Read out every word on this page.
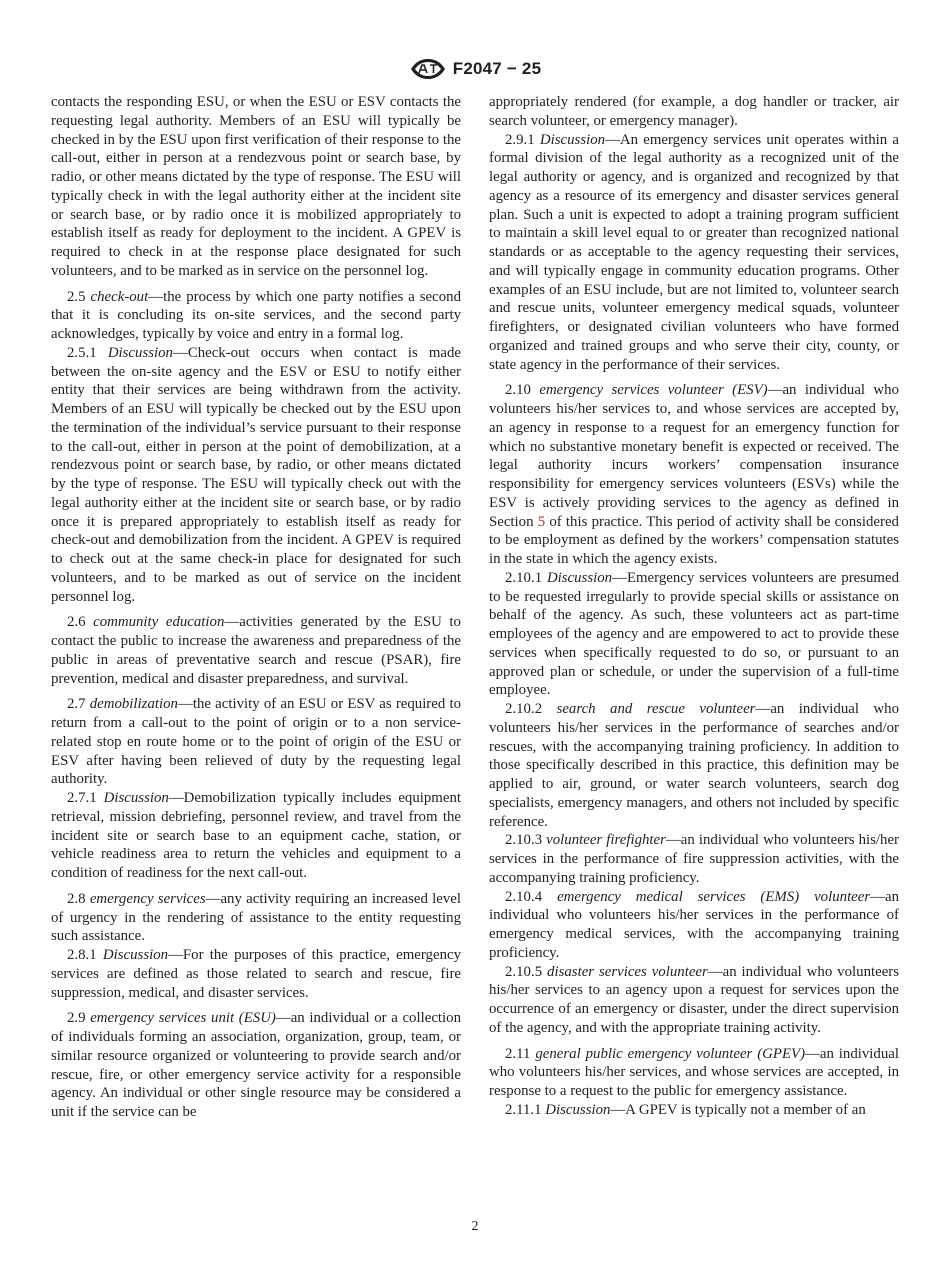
F2047 − 25

contacts the responding ESU, or when the ESU or ESV contacts the requesting legal authority. Members of an ESU will typically be checked in by the ESU upon first verification of their response to the call-out, either in person at a rendezvous point or search base, by radio, or other means dictated by the type of response. The ESU will typically check in with the legal authority either at the incident site or search base, or by radio once it is mobilized appropriately to establish itself as ready for deployment to the incident. A GPEV is required to check in at the response place designated for such volunteers, and to be marked as in service on the personnel log.

2.5 check-out—the process by which one party notifies a second that it is concluding its on-site services, and the second party acknowledges, typically by voice and entry in a formal log.

2.5.1 Discussion—Check-out occurs when contact is made between the on-site agency and the ESV or ESU to notify either entity that their services are being withdrawn from the activity. Members of an ESU will typically be checked out by the ESU upon the termination of the individual’s service pursuant to their response to the call-out, either in person at the point of demobilization, at a rendezvous point or search base, by radio, or other means dictated by the type of response. The ESU will typically check out with the legal authority either at the incident site or search base, or by radio once it is prepared appropriately to establish itself as ready for check-out and demobilization from the incident. A GPEV is required to check out at the same check-in place for designated for such volunteers, and to be marked as out of service on the incident personnel log.

2.6 community education—activities generated by the ESU to contact the public to increase the awareness and preparedness of the public in areas of preventative search and rescue (PSAR), fire prevention, medical and disaster preparedness, and survival.

2.7 demobilization—the activity of an ESU or ESV as required to return from a call-out to the point of origin or to a non service-related stop en route home or to the point of origin of the ESU or ESV after having been relieved of duty by the requesting legal authority.

2.7.1 Discussion—Demobilization typically includes equipment retrieval, mission debriefing, personnel review, and travel from the incident site or search base to an equipment cache, station, or vehicle readiness area to return the vehicles and equipment to a condition of readiness for the next call-out.

2.8 emergency services—any activity requiring an increased level of urgency in the rendering of assistance to the entity requesting such assistance.

2.8.1 Discussion—For the purposes of this practice, emergency services are defined as those related to search and rescue, fire suppression, medical, and disaster services.

2.9 emergency services unit (ESU)—an individual or a collection of individuals forming an association, organization, group, team, or similar resource organized or volunteering to provide search and/or rescue, fire, or other emergency service activity for a responsible agency. An individual or other single resource may be considered a unit if the service can be

appropriately rendered (for example, a dog handler or tracker, air search volunteer, or emergency manager).

2.9.1 Discussion—An emergency services unit operates within a formal division of the legal authority as a recognized unit of the legal authority or agency, and is organized and recognized by that agency as a resource of its emergency and disaster services general plan. Such a unit is expected to adopt a training program sufficient to maintain a skill level equal to or greater than recognized national standards or as acceptable to the agency requesting their services, and will typically engage in community education programs. Other examples of an ESU include, but are not limited to, volunteer search and rescue units, volunteer emergency medical squads, volunteer firefighters, or designated civilian volunteers who have formed organized and trained groups and who serve their city, county, or state agency in the performance of their services.

2.10 emergency services volunteer (ESV)—an individual who volunteers his/her services to, and whose services are accepted by, an agency in response to a request for an emergency function for which no substantive monetary benefit is expected or received. The legal authority incurs workers’ compensation insurance responsibility for emergency services volunteers (ESVs) while the ESV is actively providing services to the agency as defined in Section 5 of this practice. This period of activity shall be considered to be employment as defined by the workers’ compensation statutes in the state in which the agency exists.

2.10.1 Discussion—Emergency services volunteers are presumed to be requested irregularly to provide special skills or assistance on behalf of the agency. As such, these volunteers act as part-time employees of the agency and are empowered to act to provide these services when specifically requested to do so, or pursuant to an approved plan or schedule, or under the supervision of a full-time employee.

2.10.2 search and rescue volunteer—an individual who volunteers his/her services in the performance of searches and/or rescues, with the accompanying training proficiency. In addition to those specifically described in this practice, this definition may be applied to air, ground, or water search volunteers, search dog specialists, emergency managers, and others not included by specific reference.

2.10.3 volunteer firefighter—an individual who volunteers his/her services in the performance of fire suppression activities, with the accompanying training proficiency.

2.10.4 emergency medical services (EMS) volunteer—an individual who volunteers his/her services in the performance of emergency medical services, with the accompanying training proficiency.

2.10.5 disaster services volunteer—an individual who volunteers his/her services to an agency upon a request for services upon the occurrence of an emergency or disaster, under the direct supervision of the agency, and with the appropriate training activity.

2.11 general public emergency volunteer (GPEV)—an individual who volunteers his/her services, and whose services are accepted, in response to a request to the public for emergency assistance.

2.11.1 Discussion—A GPEV is typically not a member of an

2
